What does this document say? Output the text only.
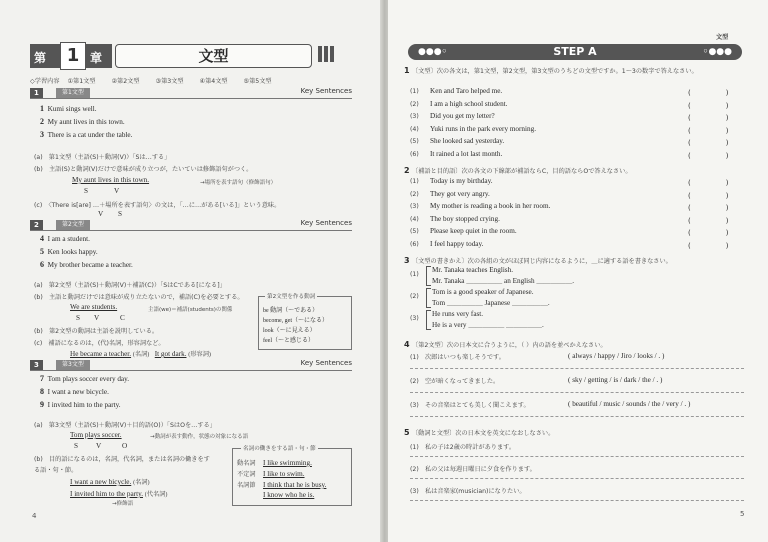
第	1 章	文型
◇学習内容 ①第1文型	②第2文型	③第3文型	④第4文型	⑤第5文型
1	第1文型	Key Sentences
1 Kumi sings well.
2 My aunt lives in this town.
3 There is a cat under the table.
(a)　第1文型（主語(S)＋動詞(V)）「Sは…する」
(b)　主語(S)と動詞(V)だけで意味が成り立つが，たいていは修飾語句がつく。
My aunt lives in this town.	→場所を表す語句（修飾語句）
S	V
(c)　〈There is[are] …＋場所を表す語句〉の文は，「…に…がある[いる]」という意味。
V S
2	第2文型	Key Sentences
4 I am a student.
5 Ken looks happy.
6 My brother became a teacher.
(a)　第2文型（主語(S)＋動詞(V)＋補語(C)）「SはCである[になる]」
(b)　主語と動詞だけでは意味が成り立たないので，補語(C)を必要とする。
We are students.	主語(we)＝補語(students)の関係
S V	C
(b)　第2文型の動詞は主語を説明している。
(c)　補語になるのは，(代)名詞，形容詞など。
He became a teacher. (名詞) It got dark. (形容詞)
第2文型を作る動詞
be 動詞（〜である）
become, get（〜になる）
look（〜に見える）
feel（〜と感じる）
3	第3文型	Key Sentences
7 Tom plays soccer every day.
8 I want a new bicycle.
9 I invited him to the party.
(a)　第3文型（主語(S)＋動詞(V)＋目的語(O)）「SはOを…する」
Tom plays soccer.	→動詞が表す動作，状態の対象になる語
S	V	O
(b)　目的語になるのは，名詞，代名詞，または名詞の働きをする語・句・節。
I want a new bicycle. (名詞)
I invited him to the party. (代名詞)
→修飾語
名詞の働きをする語・句・節
動名詞 I like swimming.
不定詞 I like to swim.
名詞節 I think that he is busy.
I know who he is.
4
文型
●●●◦	STEP A	◦●●●
1 〔文型〕次の各文は，第1文型，第2文型，第3文型のうちどの文型ですか。1〜3の数字で答えなさい。
2 〔補語と目的語〕次の各文の下線部が補語ならC，目的語ならOで答えなさい。
3 〔文型の書きかえ〕次の各組の文がほぼ同じ内容になるように，＿に適する語を書きなさい。
4 〔第2文型〕次の日本文に合うように，（ ）内の語を並べかえなさい。
5 〔動詞と文型〕次の日本文を英文になおしなさい。
5
(1) Ken and Taro helped me.	(　　　　　)
(2) I am a high school student.	(　　　　　)
(3) Did you get my letter?	(　　　　　)
(4) Yuki runs in the park every morning.	(　　　　　)
(5) She looked sad yesterday.	(　　　　　)
(6) It rained a lot last month.	(　　　　　)
(1) Today is my birthday.	(　　　　　)
(2) They got very angry.	(　　　　　)
(3) My mother is reading a book in her room.	(　　　　　)
(4) The boy stopped crying.	(　　　　　)
(5) Please keep quiet in the room.	(　　　　　)
(6) I feel happy today.	(　　　　　)
(1)
Mr. Tanaka teaches English.
Mr. Tanaka ＿＿＿＿＿ an English ＿＿＿＿＿.
(2)
Tom is a good speaker of Japanese.
Tom ＿＿＿＿＿ Japanese ＿＿＿＿＿.
(3)
He runs very fast.
He is a very ＿＿＿＿＿ ＿＿＿＿＿.
(1)　次郎はいつも楽しそうです。	( always / happy / Jiro / looks / . )
(2)　空が暗くなってきました。	( sky / getting / is / dark / the / . )
(3)　その音楽はとても美しく聞こえます。	( beautiful / music / sounds / the / very / . )
(1)　私の子は2歳の時計があります。
(2)　私の父は毎週日曜日に夕食を作ります。
(3)　私は音楽家(musician)になりたい。
